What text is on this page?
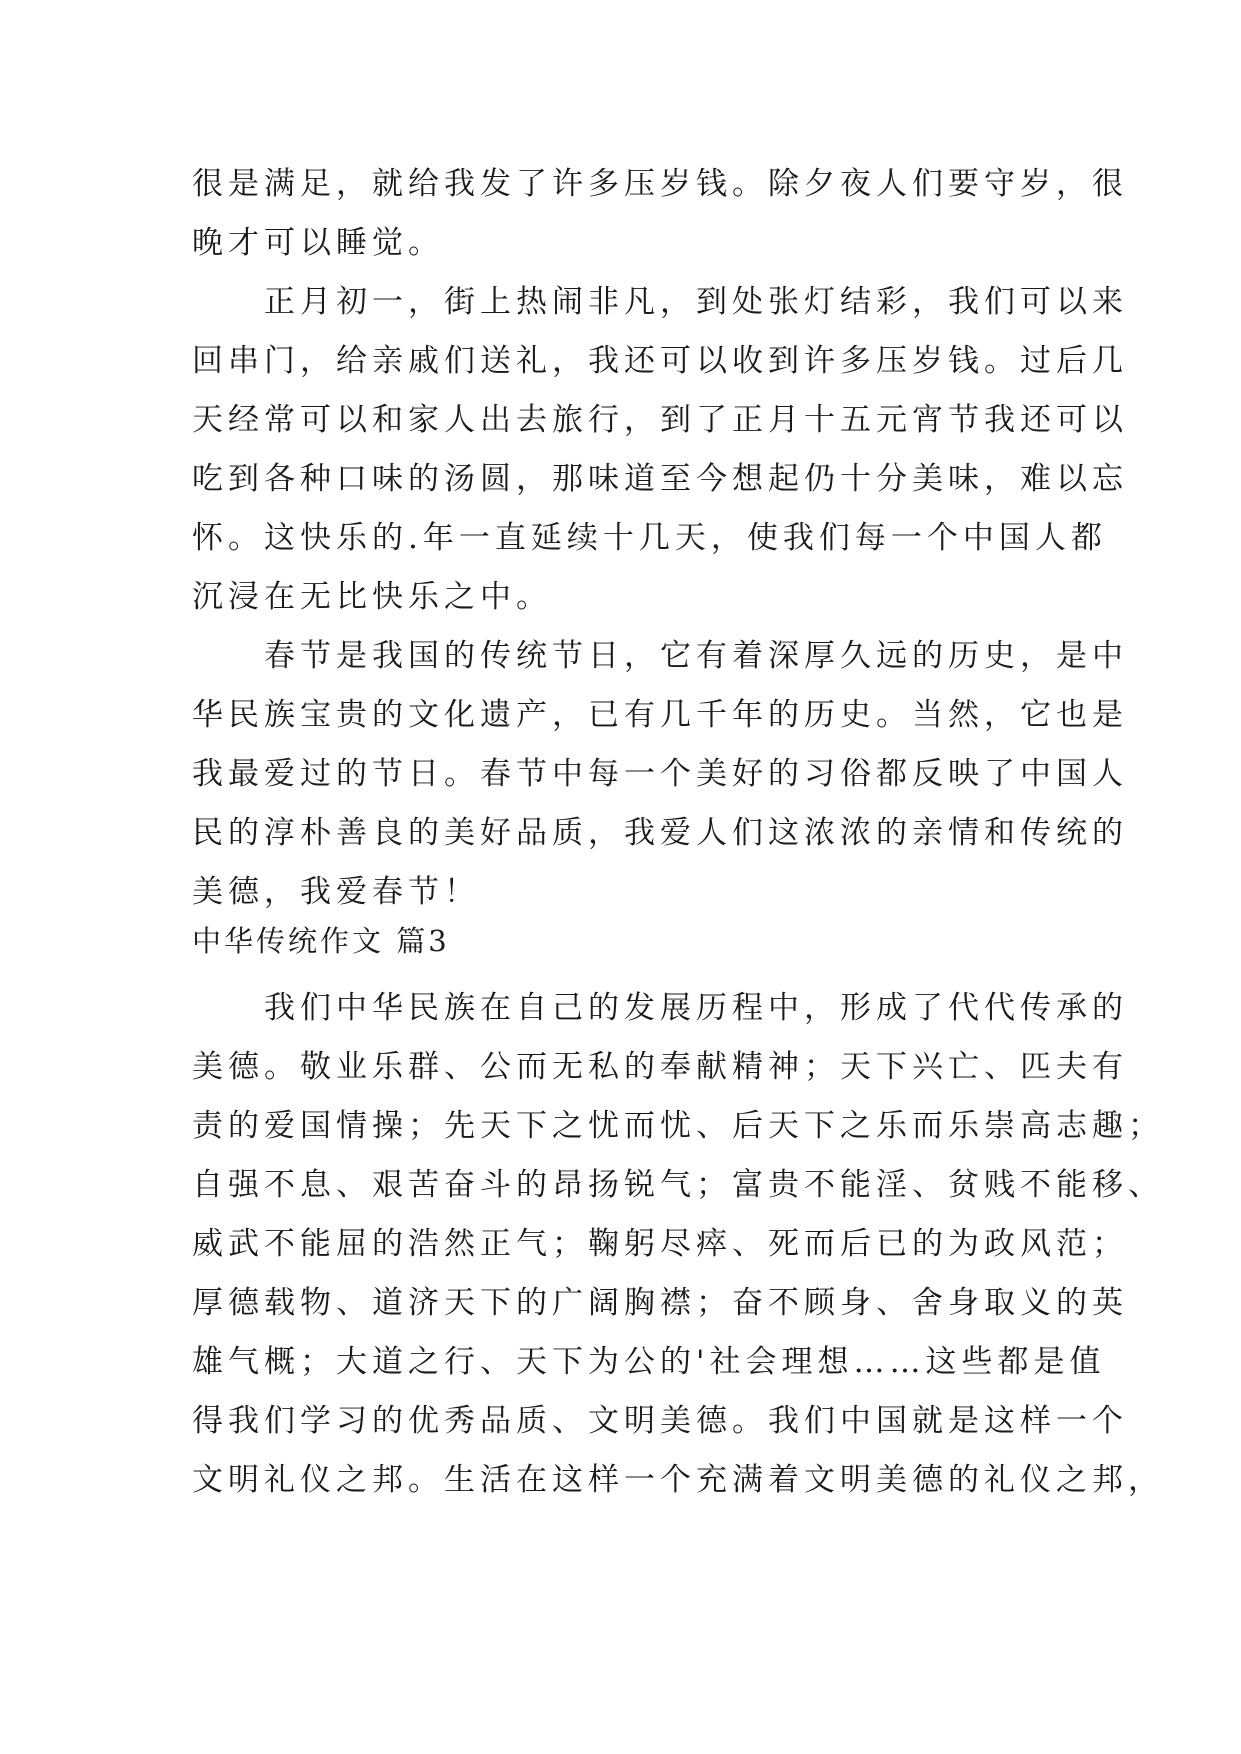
很是满足，就给我发了许多压岁钱。除夕夜人们要守岁，很
晚才可以睡觉。
　　正月初一，街上热闹非凡，到处张灯结彩，我们可以来
回串门，给亲戚们送礼，我还可以收到许多压岁钱。过后几
天经常可以和家人出去旅行，到了正月十五元宵节我还可以
吃到各种口味的汤圆，那味道至今想起仍十分美味，难以忘
怀。这快乐的.年一直延续十几天，使我们每一个中国人都
沉浸在无比快乐之中。
　　春节是我国的传统节日，它有着深厚久远的历史，是中
华民族宝贵的文化遗产，已有几千年的历史。当然，它也是
我最爱过的节日。春节中每一个美好的习俗都反映了中国人
民的淳朴善良的美好品质，我爱人们这浓浓的亲情和传统的
美德，我爱春节！
中华传统作文 篇3
　　我们中华民族在自己的发展历程中，形成了代代传承的
美德。敬业乐群、公而无私的奉献精神；天下兴亡、匹夫有
责的爱国情操；先天下之忧而忧、后天下之乐而乐崇高志趣；
自强不息、艰苦奋斗的昂扬锐气；富贵不能淫、贫贱不能移、
威武不能屈的浩然正气；鞠躬尽瘁、死而后已的为政风范；
厚德载物、道济天下的广阔胸襟；奋不顾身、舍身取义的英
雄气概；大道之行、天下为公的'社会理想……这些都是值
得我们学习的优秀品质、文明美德。我们中国就是这样一个
文明礼仪之邦。生活在这样一个充满着文明美德的礼仪之邦，
